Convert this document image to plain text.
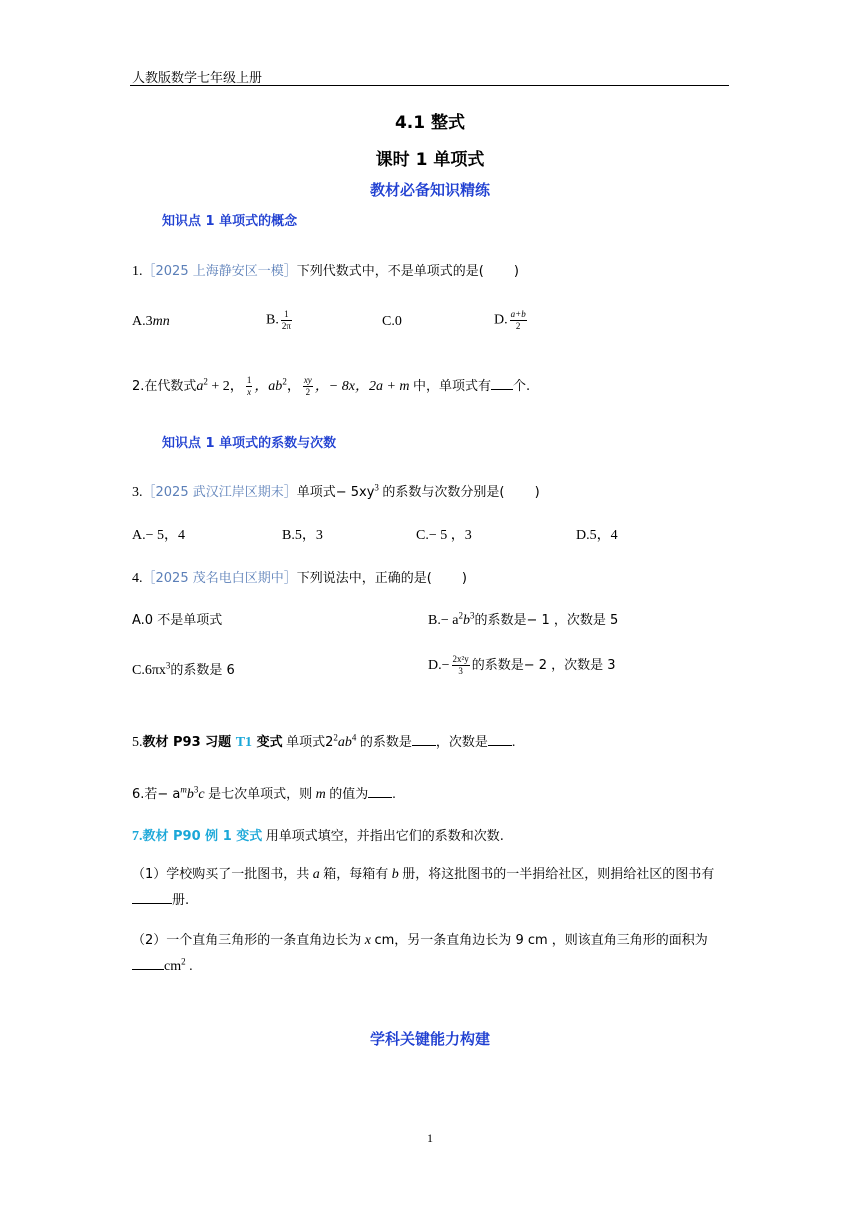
人教版数学七年级上册
4.1 整式
课时 1 单项式
教材必备知识精练
知识点 1 单项式的概念
1.［2025 上海静安区一模］下列代数式中，不是单项式的是(　　 )
A.3mn	B. $\frac{1}{2\pi}$	C.0	D. $\frac{a+b}{2}$
2.在代数式$a^2 + 2$， $\frac{1}{x}$ ，$ab^2$， $\frac{xy}{2}$ ，− 8x，2a + m 中，单项式有 个.
知识点 1 单项式的系数与次数
3.［2025 武汉江岸区期末］单项式− $5xy^3$ 的系数与次数分别是(　　 )
A.− 5，4	B.5，3	C.− 5 ，3	D.5，4
4.［2025 茂名电白区期中］下列说法中，正确的是(　　 )
A.0 不是单项式	$B.- a^2b^3$的系数是− 1 ，次数是 5
$C.6\pi x^3$的系数是 6	$D.- \frac{\text{2x²y}}{3}$ 的系数是− 2 ，次数是 3
5.教材 P93 习题 T1 变式 单项式$2^2ab^4$ 的系数是 ，次数是 .
6.若− $a^mb^3c$ 是七次单项式，则 m 的值为 .
7.教材 P90 例 1 变式 用单项式填空，并指出它们的系数和次数.
（1）学校购买了一批图书，共 a 箱，每箱有 b 册，将这批图书的一半捐给社区，则捐给社区的图书有册.
（2）一个直角三角形的一条直角边长为 x cm，另一条直角边长为 9 cm ，则该直角三角形的面积为$cm^2$ .
学科关键能力构建
1
